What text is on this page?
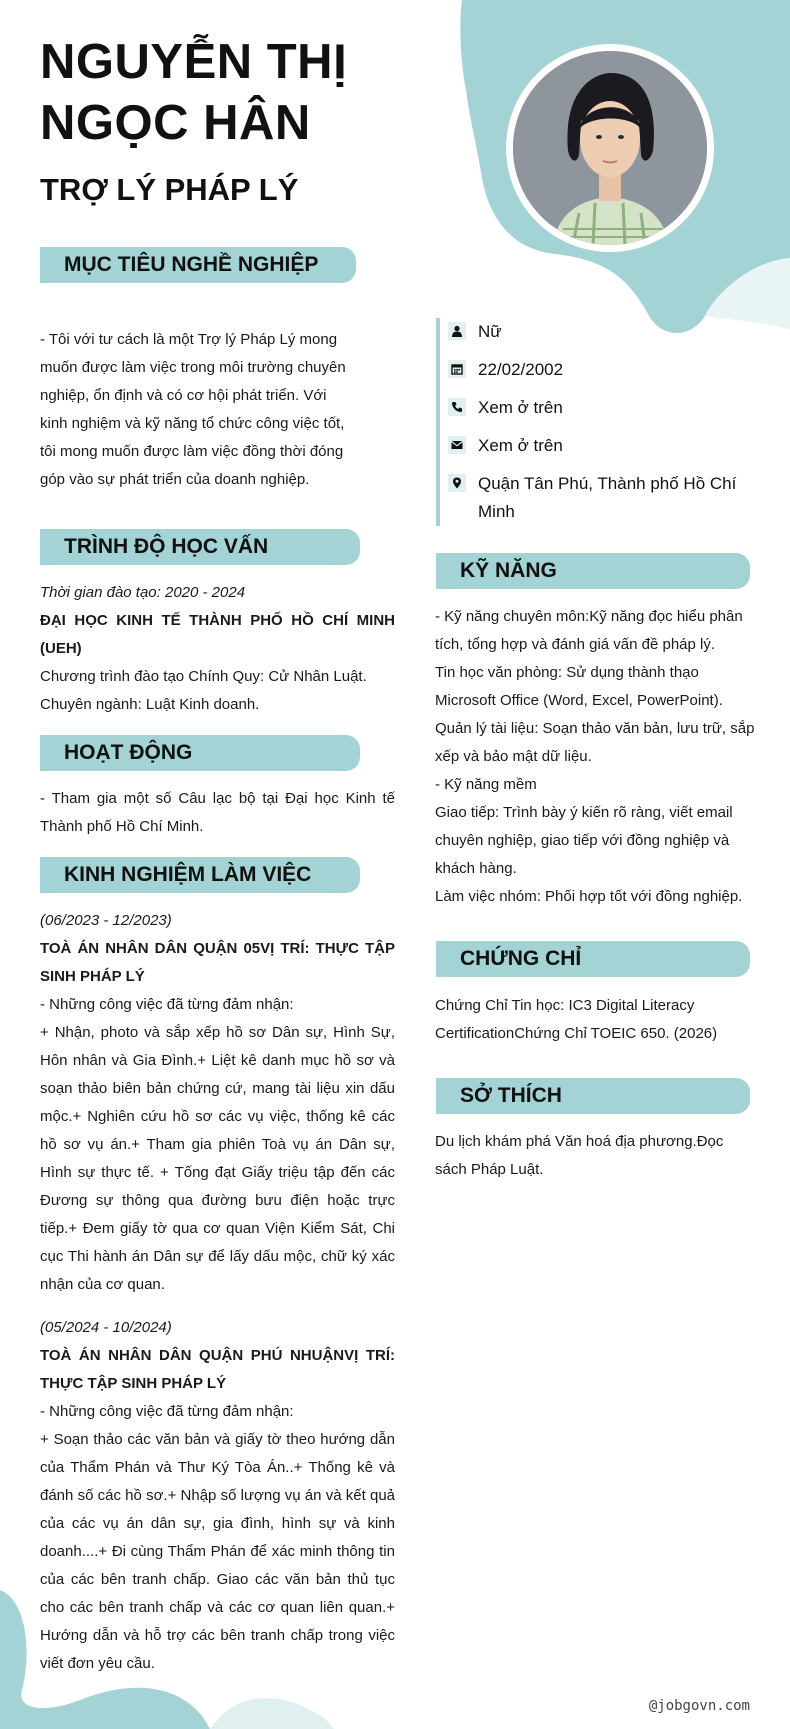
NGUYỄN THỊ
NGỌC HÂN
TRỢ LÝ PHÁP LÝ
MỤC TIÊU NGHỀ NGHIỆP

- Tôi với tư cách là một Trợ lý Pháp Lý mong muốn được làm việc trong môi trường chuyên nghiệp, ổn định và có cơ hội phát triển. Với kinh nghiệm và kỹ năng tổ chức công việc tốt, tôi mong muốn được làm việc đồng thời đóng góp vào sự phát triển của doanh nghiệp.

TRÌNH ĐỘ HỌC VẤN
Thời gian đào tạo: 2020 - 2024
ĐẠI HỌC KINH TẾ THÀNH PHỐ HỒ CHÍ MINH (UEH)
Chương trình đào tạo Chính Quy: Cử Nhân Luật.
Chuyên ngành: Luật Kinh doanh.
HOẠT ĐỘNG

- Tham gia một số Câu lạc bộ tại Đại học Kinh tế Thành phố Hồ Chí Minh.

KINH NGHIỆM LÀM VIỆC
(06/2023 - 12/2023)
TOÀ ÁN NHÂN DÂN QUẬN 05VỊ TRÍ: THỰC TẬP SINH PHÁP LÝ
- Những công việc đã từng đảm nhận:
+ Nhận, photo và sắp xếp hồ sơ Dân sự, Hình Sự, Hôn nhân và Gia Đình.+ Liệt kê danh mục hồ sơ và soạn thảo biên bản chứng cứ, mang tài liệu xin dấu mộc.+ Nghiên cứu hồ sơ các vụ việc, thống kê các hồ sơ vụ án.+ Tham gia phiên Toà vụ án Dân sự, Hình sự thực tế. + Tống đạt Giấy triệu tập đến các Đương sự thông qua đường bưu điện hoặc trực tiếp.+ Đem giấy tờ qua cơ quan Viện Kiểm Sát, Chi cục Thi hành án Dân sự để lấy dấu mộc, chữ ký xác nhận của cơ quan.
(05/2024 - 10/2024)
TOÀ ÁN NHÂN DÂN QUẬN PHÚ NHUẬNVỊ TRÍ: THỰC TẬP SINH PHÁP LÝ
- Những công việc đã từng đảm nhận:
+ Soạn thảo các văn bản và giấy tờ theo hướng dẫn của Thẩm Phán và Thư Ký Tòa Án..+ Thống kê và đánh số các hồ sơ.+ Nhập số lượng vụ án và kết quả của các vụ án dân sự, gia đình, hình sự và kinh doanh....+ Đi cùng Thẩm Phán để xác minh thông tin của các bên tranh chấp. Giao các văn bản thủ tục cho các bên tranh chấp và các cơ quan liên quan.+ Hướng dẫn và hỗ trợ các bên tranh chấp trong việc viết đơn yêu cầu.
Nữ
22/02/2002
Xem ở trên
Xem ở trên
Quận Tân Phú, Thành phố Hồ Chí Minh
KỸ NĂNG
- Kỹ năng chuyên môn:Kỹ năng đọc hiểu phân tích, tổng hợp và đánh giá vấn đề pháp lý.
Tin học văn phòng: Sử dụng thành thạo Microsoft Office (Word, Excel, PowerPoint).
Quản lý tài liệu: Soạn thảo văn bản, lưu trữ, sắp xếp và bảo mật dữ liệu.
- Kỹ năng mềm
Giao tiếp: Trình bày ý kiến rõ ràng, viết email chuyên nghiệp, giao tiếp với đồng nghiệp và khách hàng.
Làm việc nhóm: Phối hợp tốt với đồng nghiệp.
CHỨNG CHỈ

Chứng Chỉ Tin học: IC3 Digital Literacy CertificationChứng Chỉ TOEIC 650. (2026)

SỞ THÍCH

Du lịch khám phá Văn hoá địa phương.Đọc sách Pháp Luật.

@jobgovn.com
